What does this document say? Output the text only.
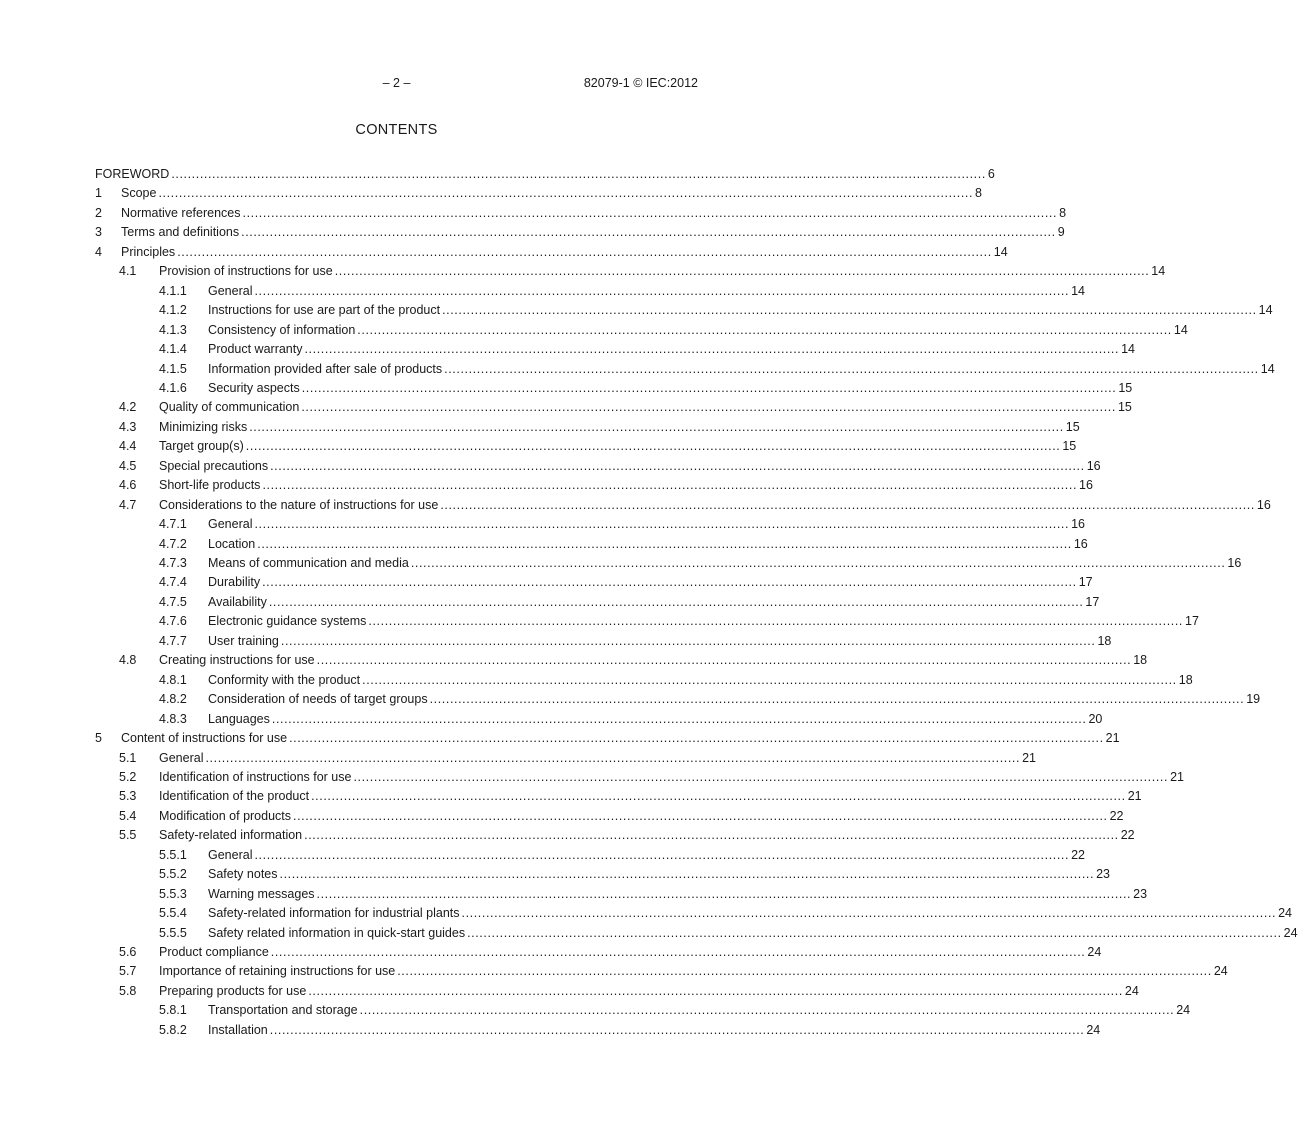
– 2 –	82079-1 © IEC:2012
CONTENTS
FOREWORD ........................................................................................................................................................................................................ 6
1 Scope ........................................................................................................................................................................................................ 8
2 Normative references ........................................................................................................................................................................................................ 8
3 Terms and definitions ........................................................................................................................................................................................................ 9
4 Principles ........................................................................................................................................................................................................ 14
4.1 Provision of instructions for use ........................................................................................................................................................................................................ 14
4.1.1 General ........................................................................................................................................................................................................ 14
4.1.2 Instructions for use are part of the product ........................................................................................................................................................................................................ 14
4.1.3 Consistency of information ........................................................................................................................................................................................................ 14
4.1.4 Product warranty ........................................................................................................................................................................................................ 14
4.1.5 Information provided after sale of products ........................................................................................................................................................................................................ 14
4.1.6 Security aspects ........................................................................................................................................................................................................ 15
4.2 Quality of communication ........................................................................................................................................................................................................ 15
4.3 Minimizing risks ........................................................................................................................................................................................................ 15
4.4 Target group(s) ........................................................................................................................................................................................................ 15
4.5 Special precautions ........................................................................................................................................................................................................ 16
4.6 Short-life products ........................................................................................................................................................................................................ 16
4.7 Considerations to the nature of instructions for use ........................................................................................................................................................................................................ 16
4.7.1 General ........................................................................................................................................................................................................ 16
4.7.2 Location ........................................................................................................................................................................................................ 16
4.7.3 Means of communication and media ........................................................................................................................................................................................................ 16
4.7.4 Durability ........................................................................................................................................................................................................ 17
4.7.5 Availability ........................................................................................................................................................................................................ 17
4.7.6 Electronic guidance systems ........................................................................................................................................................................................................ 17
4.7.7 User training ........................................................................................................................................................................................................ 18
4.8 Creating instructions for use ........................................................................................................................................................................................................ 18
4.8.1 Conformity with the product ........................................................................................................................................................................................................ 18
4.8.2 Consideration of needs of target groups ........................................................................................................................................................................................................ 19
4.8.3 Languages ........................................................................................................................................................................................................ 20
5 Content of instructions for use ........................................................................................................................................................................................................ 21
5.1 General ........................................................................................................................................................................................................ 21
5.2 Identification of instructions for use ........................................................................................................................................................................................................ 21
5.3 Identification of the product ........................................................................................................................................................................................................ 21
5.4 Modification of products ........................................................................................................................................................................................................ 22
5.5 Safety-related information ........................................................................................................................................................................................................ 22
5.5.1 General ........................................................................................................................................................................................................ 22
5.5.2 Safety notes ........................................................................................................................................................................................................ 23
5.5.3 Warning messages ........................................................................................................................................................................................................ 23
5.5.4 Safety-related information for industrial plants ........................................................................................................................................................................................................ 24
5.5.5 Safety related information in quick-start guides ........................................................................................................................................................................................................ 24
5.6 Product compliance ........................................................................................................................................................................................................ 24
5.7 Importance of retaining instructions for use ........................................................................................................................................................................................................ 24
5.8 Preparing products for use ........................................................................................................................................................................................................ 24
5.8.1 Transportation and storage ........................................................................................................................................................................................................ 24
5.8.2 Installation ........................................................................................................................................................................................................ 24
